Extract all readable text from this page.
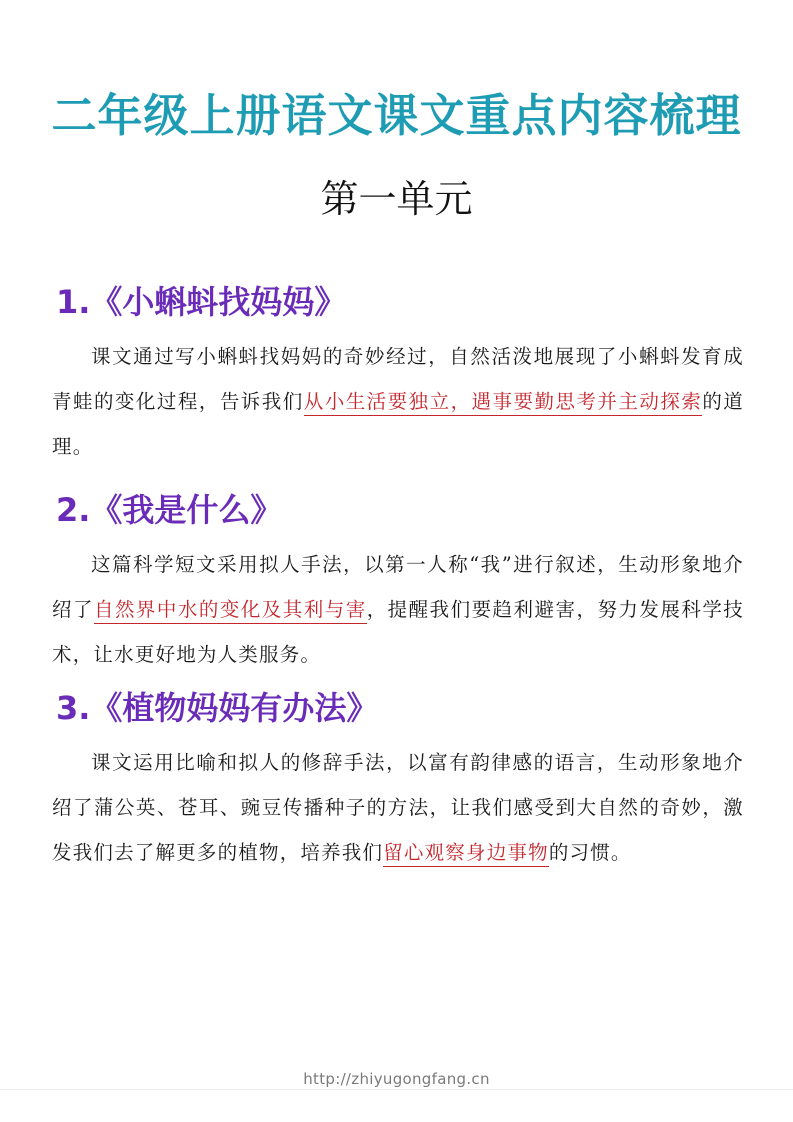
二年级上册语文课文重点内容梳理
第一单元
1.《小蝌蚪找妈妈》

课文通过写小蝌蚪找妈妈的奇妙经过，自然活泼地展现了小蝌蚪发育成青蛙的变化过程，告诉我们从小生活要独立，遇事要勤思考并主动探索的道理。

2.《我是什么》

这篇科学短文采用拟人手法，以第一人称“我”进行叙述，生动形象地介绍了自然界中水的变化及其利与害，提醒我们要趋利避害，努力发展科学技术，让水更好地为人类服务。

3.《植物妈妈有办法》

课文运用比喻和拟人的修辞手法，以富有韵律感的语言，生动形象地介绍了蒲公英、苍耳、豌豆传播种子的方法，让我们感受到大自然的奇妙，激发我们去了解更多的植物，培养我们留心观察身边事物的习惯。

http://zhiyugongfang.cn
